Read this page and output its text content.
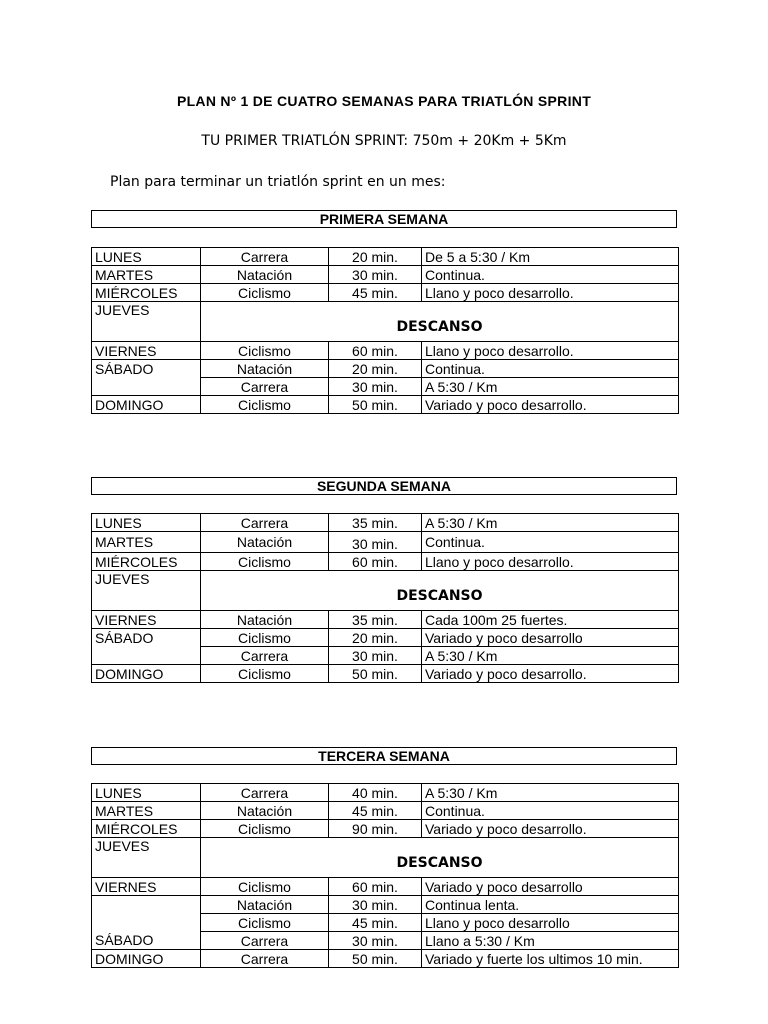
PLAN Nº 1 DE CUATRO SEMANAS PARA TRIATLÓN SPRINT
TU PRIMER TRIATLÓN SPRINT: 750m + 20Km + 5Km
Plan para terminar un triatlón sprint en un mes:
PRIMERA SEMANA
LUNES	Carrera	20 min.	De 5 a 5:30 / Km
MARTES	Natación	30 min.	Continua.
MIÉRCOLES	Ciclismo	45 min.	Llano y poco desarrollo.
JUEVES	DESCANSO		
VIERNES	Ciclismo	60 min.	Llano y poco desarrollo.
SÁBADO	Natación	20 min.	Continua.
	Carrera	30 min.	A 5:30 / Km
DOMINGO	Ciclismo	50 min.	Variado y poco desarrollo.
SEGUNDA SEMANA
LUNES	Carrera	35 min.	A 5:30 / Km
MARTES	Natación	30 min.	Continua.
MIÉRCOLES	Ciclismo	60 min.	Llano y poco desarrollo.
JUEVES	DESCANSO		
VIERNES	Natación	35 min.	Cada 100m 25 fuertes.
SÁBADO	Ciclismo	20 min.	Variado y poco desarrollo
	Carrera	30 min.	A 5:30 / Km
DOMINGO	Ciclismo	50 min.	Variado y poco desarrollo.
TERCERA SEMANA
LUNES	Carrera	40 min.	A 5:30 / Km
MARTES	Natación	45 min.	Continua.
MIÉRCOLES	Ciclismo	90 min.	Variado y poco desarrollo.
JUEVES	DESCANSO		
VIERNES	Ciclismo	60 min.	Variado y poco desarrollo
	Natación	30 min.	Continua lenta.
	Ciclismo	45 min.	Llano y poco desarrollo
SÁBADO	Carrera	30 min.	Llano a 5:30 / Km
DOMINGO	Carrera	50 min.	Variado y fuerte los ultimos 10 min.
